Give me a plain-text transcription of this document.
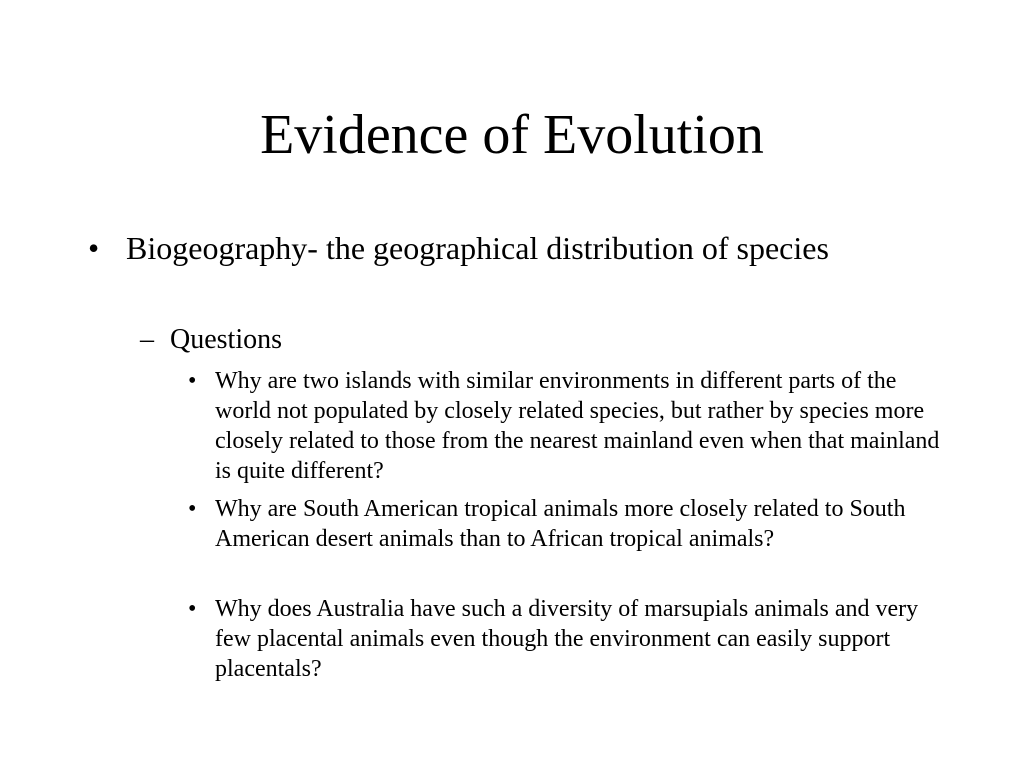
Evidence of Evolution
• Biogeography- the geographical distribution of species
– Questions
• Why are two islands with similar environments in different parts of the world not populated by closely related species, but rather by species more closely related to those from the nearest mainland even when that mainland is quite different?
• Why are South American tropical animals more closely related to South American desert animals than to African tropical animals?
• Why does Australia have such a diversity of marsupials animals and very few placental animals even though the environment can easily support placentals?
